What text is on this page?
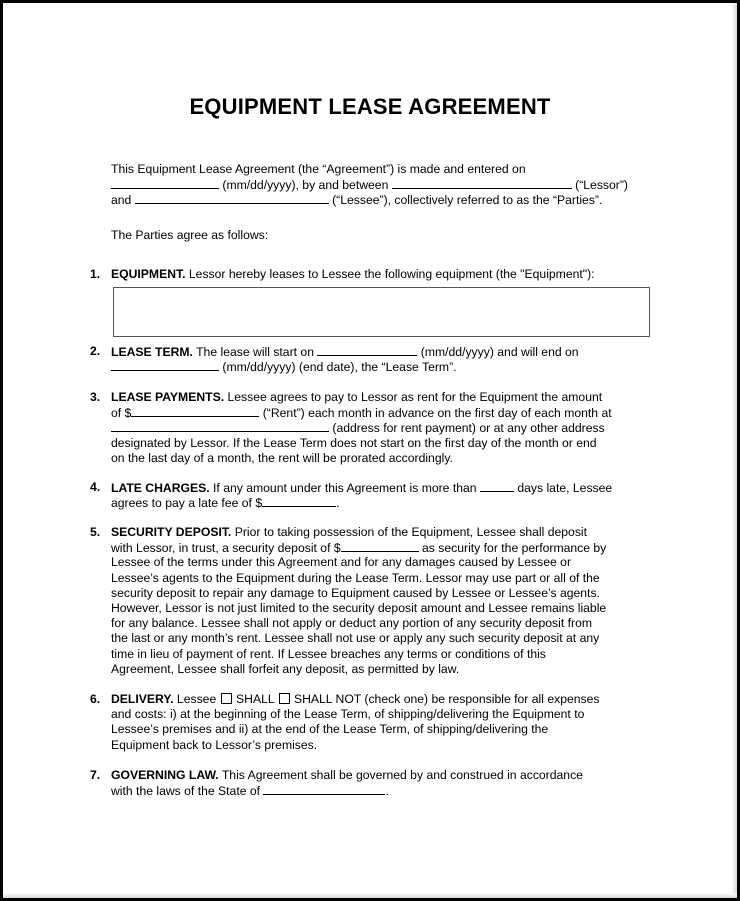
EQUIPMENT LEASE AGREEMENT
This Equipment Lease Agreement (the “Agreement”) is made and entered on
(mm/dd/yyyy), by and between	(“Lessor”)
and	(“Lessee”), collectively referred to as the “Parties”.
The Parties agree as follows:
1. EQUIPMENT. Lessor hereby leases to Lessee the following equipment (the "Equipment"):
2. LEASE TERM. The lease will start on	(mm/dd/yyyy) and will end on
(mm/dd/yyyy) (end date), the “Lease Term”.
3. LEASE PAYMENTS. Lessee agrees to pay to Lessor as rent for the Equipment the amount
of $	(“Rent”) each month in advance on the first day of each month at
(address for rent payment) or at any other address
designated by Lessor. If the Lease Term does not start on the first day of the month or end
on the last day of a month, the rent will be prorated accordingly.
4. LATE CHARGES. If any amount under this Agreement is more than	days late, Lessee
agrees to pay a late fee of $	.
5. SECURITY DEPOSIT. Prior to taking possession of the Equipment, Lessee shall deposit
with Lessor, in trust, a security deposit of $	as security for the performance by
Lessee of the terms under this Agreement and for any damages caused by Lessee or
Lessee’s agents to the Equipment during the Lease Term. Lessor may use part or all of the
security deposit to repair any damage to Equipment caused by Lessee or Lessee’s agents.
However, Lessor is not just limited to the security deposit amount and Lessee remains liable
for any balance. Lessee shall not apply or deduct any portion of any security deposit from
the last or any month’s rent. Lessee shall not use or apply any such security deposit at any
time in lieu of payment of rent. If Lessee breaches any terms or conditions of this
Agreement, Lessee shall forfeit any deposit, as permitted by law.
6. DELIVERY. Lessee SHALL SHALL NOT (check one) be responsible for all expenses
and costs: i) at the beginning of the Lease Term, of shipping/delivering the Equipment to
Lessee’s premises and ii) at the end of the Lease Term, of shipping/delivering the
Equipment back to Lessor’s premises.
7. GOVERNING LAW. This Agreement shall be governed by and construed in accordance
with the laws of the State of	.
